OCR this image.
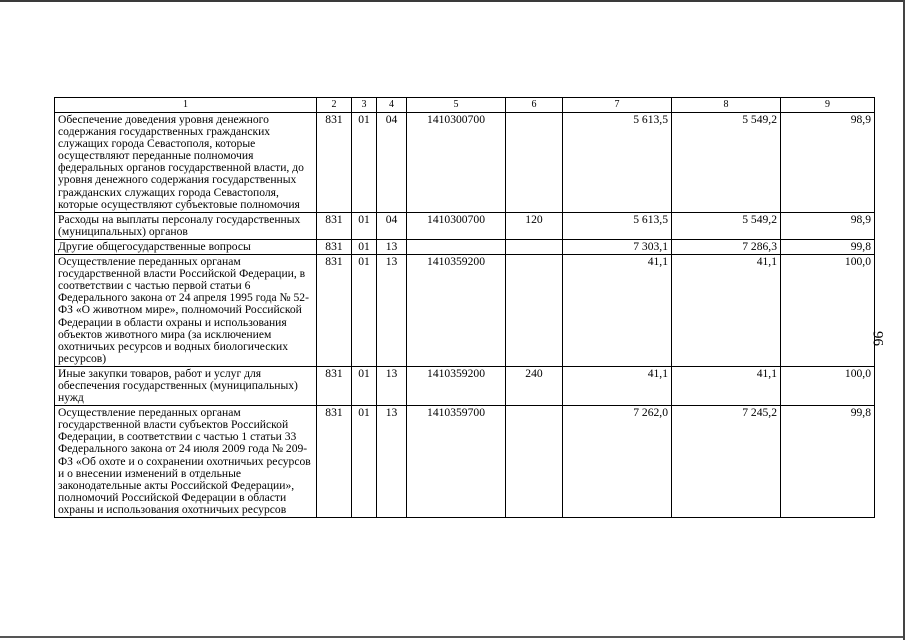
96
1	2	3	4	5	6	7	8	9
Обеспечение доведения уровня денежного содержания государственных гражданских служащих города Севастополя, которые осуществляют переданные полномочия федеральных органов государственной власти, до уровня денежного содержания государственных гражданских служащих города Севастополя, которые осуществляют субъектовые полномочия	831	01	04	1410300700		5 613,5	5 549,2	98,9
Расходы на выплаты персоналу государственных (муниципальных) органов	831	01	04	1410300700	120	5 613,5	5 549,2	98,9
Другие общегосударственные вопросы	831	01	13			7 303,1	7 286,3	99,8
Осуществление переданных органам государственной власти Российской Федерации, в соответствии с частью первой статьи 6 Федерального закона от 24 апреля 1995 года № 52-ФЗ «О животном мире», полномочий Российской Федерации в области охраны и использования объектов животного мира (за исключением охотничьих ресурсов и водных биологических ресурсов)	831	01	13	1410359200		41,1	41,1	100,0
Иные закупки товаров, работ и услуг для обеспечения государственных (муниципальных) нужд	831	01	13	1410359200	240	41,1	41,1	100,0
Осуществление переданных органам государственной власти субъектов Российской Федерации, в соответствии с частью 1 статьи 33 Федерального закона от 24 июля 2009 года № 209-ФЗ «Об охоте и о сохранении охотничьих ресурсов и о внесении изменений в отдельные законодательные акты Российской Федерации», полномочий Российской Федерации в области охраны и использования охотничьих ресурсов	831	01	13	1410359700		7 262,0	7 245,2	99,8
